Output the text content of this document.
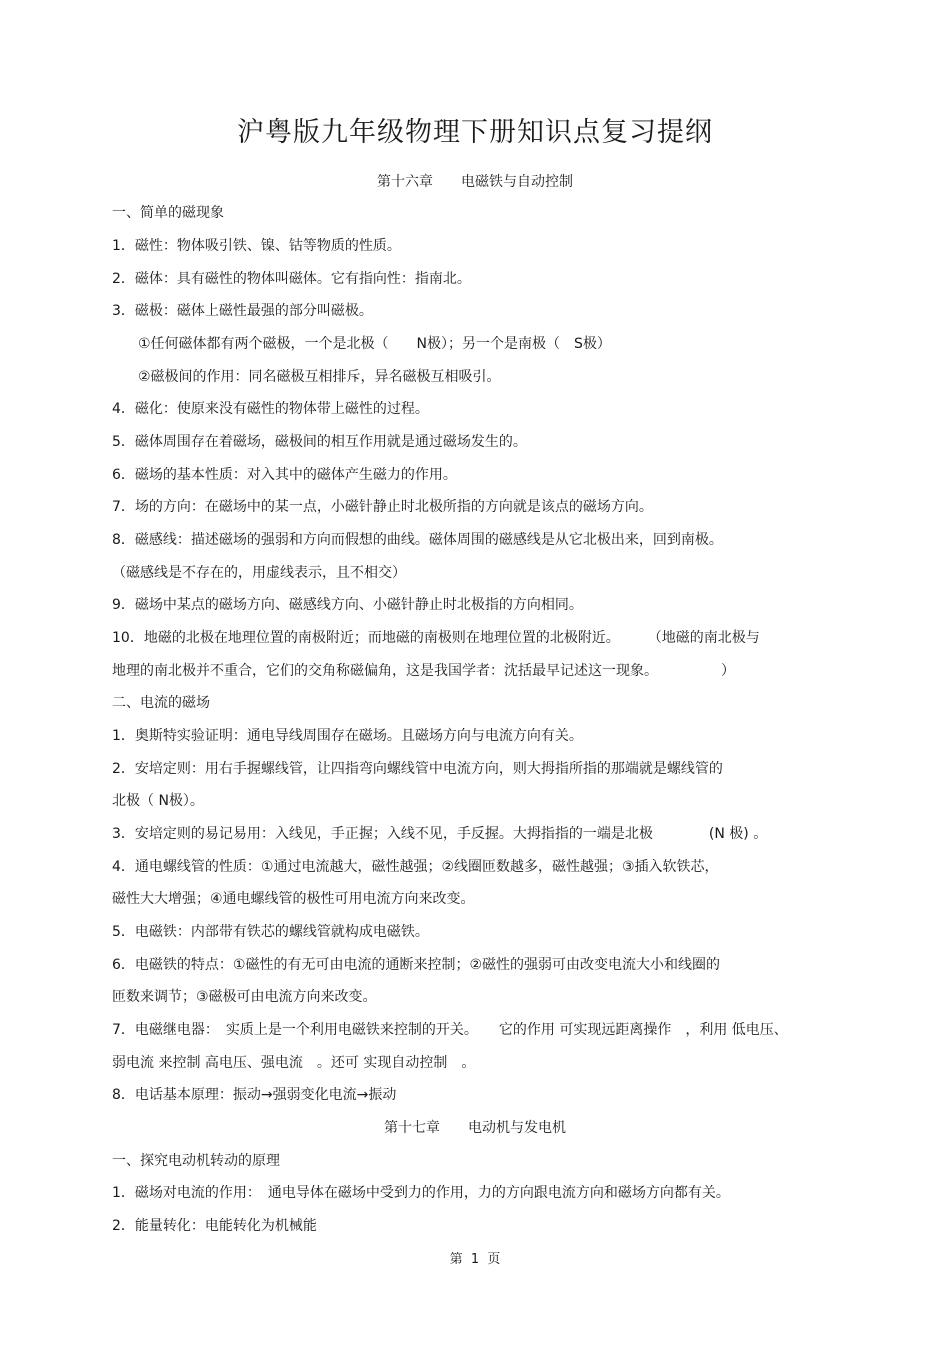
沪粤版九年级物理下册知识点复习提纲
第十六章　　电磁铁与自动控制
一、简单的磁现象
1．磁性：物体吸引铁、镍、钴等物质的性质。
2．磁体：具有磁性的物体叫磁体。它有指向性：指南北。
3．磁极：磁体上磁性最强的部分叫磁极。
①任何磁体都有两个磁极，一个是北极（　　N极）；另一个是南极（　S极）
②磁极间的作用：同名磁极互相排斥，异名磁极互相吸引。
4．磁化：使原来没有磁性的物体带上磁性的过程。
5．磁体周围存在着磁场，磁极间的相互作用就是通过磁场发生的。
6．磁场的基本性质：对入其中的磁体产生磁力的作用。
7．场的方向：在磁场中的某一点，小磁针静止时北极所指的方向就是该点的磁场方向。
8．磁感线：描述磁场的强弱和方向而假想的曲线。磁体周围的磁感线是从它北极出来，回到南极。
（磁感线是不存在的，用虚线表示，且不相交）
9．磁场中某点的磁场方向、磁感线方向、小磁针静止时北极指的方向相同。
10．地磁的北极在地理位置的南极附近；而地磁的南极则在地理位置的北极附近。　　　（地磁的南北极与
地理的南北极并不重合，它们的交角称磁偏角，这是我国学者：沈括最早记述这一现象。　　　　　）
二、电流的磁场
1．奥斯特实验证明：通电导线周围存在磁场。且磁场方向与电流方向有关。
2．安培定则：用右手握螺线管，让四指弯向螺线管中电流方向，则大拇指所指的那端就是螺线管的
北极（ N极）。
3．安培定则的易记易用：入线见，手正握；入线不见，手反握。大拇指指的一端是北极　　　　(N 极) 。
4．通电螺线管的性质：①通过电流越大，磁性越强；②线圈匝数越多，磁性越强；③插入软铁芯，
磁性大大增强；④通电螺线管的极性可用电流方向来改变。
5．电磁铁：内部带有铁芯的螺线管就构成电磁铁。
6．电磁铁的特点：①磁性的有无可由电流的通断来控制；②磁性的强弱可由改变电流大小和线圈的
匝数来调节；③磁极可由电流方向来改变。
7．电磁继电器：　实质上是一个利用电磁铁来控制的开关。　　它的作用 可实现远距离操作　，利用 低电压、
弱电流 来控制 高电压、强电流　。还可 实现自动控制　。
8．电话基本原理：振动→强弱变化电流→振动
第十七章　　电动机与发电机
一、探究电动机转动的原理
1．磁场对电流的作用：　通电导体在磁场中受到力的作用，力的方向跟电流方向和磁场方向都有关。
2．能量转化：电能转化为机械能
第  1  页
